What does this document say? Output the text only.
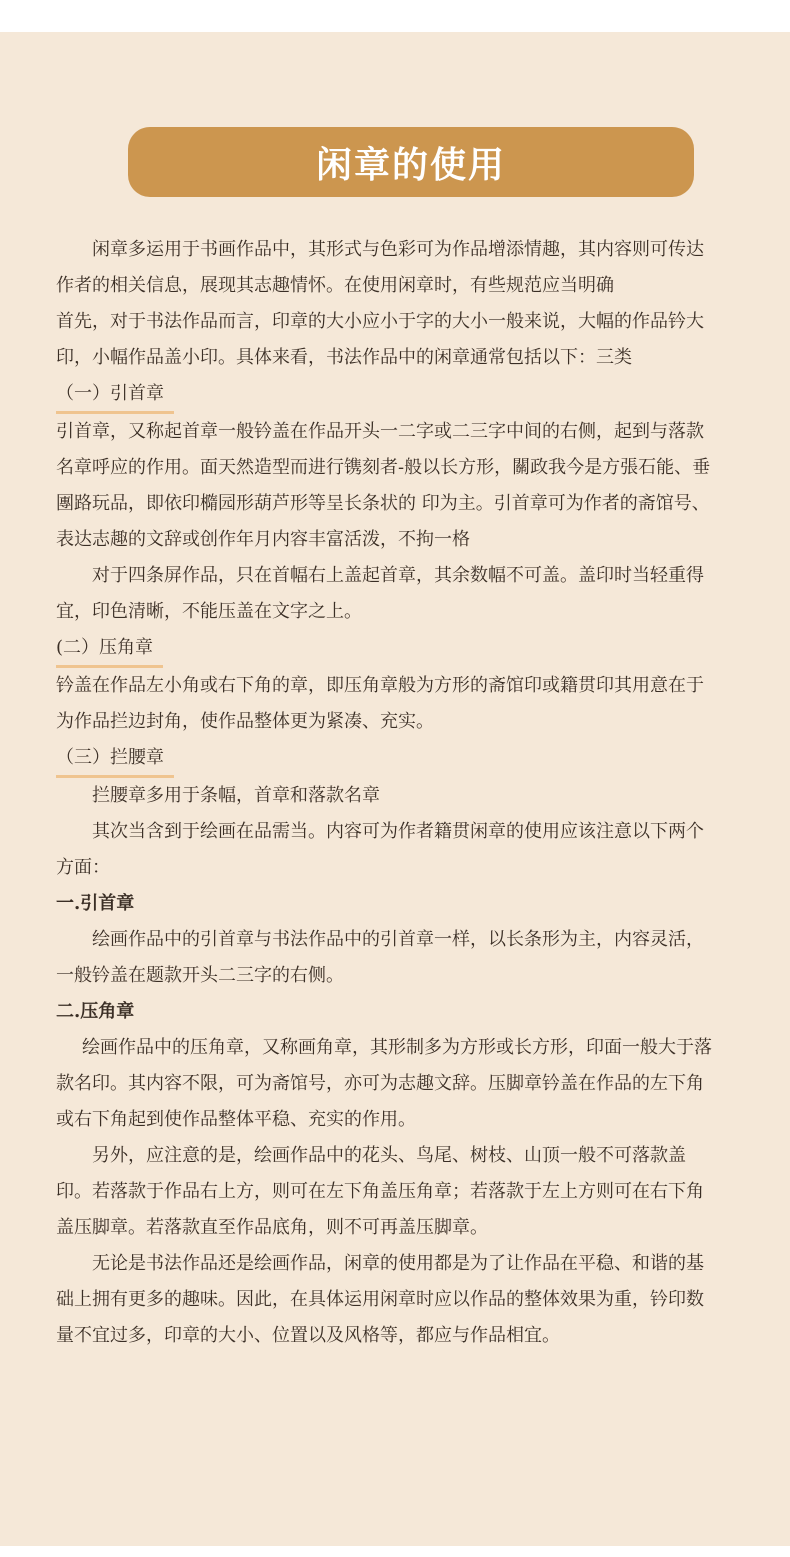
闲章的使用

闲章多运用于书画作品中，其形式与色彩可为作品增添情趣，其内容则可传达作者的相关信息，展现其志趣情怀。在使用闲章时，有些规范应当明确

首先，对于书法作品而言，印章的大小应小于字的大小一般来说，大幅的作品钤大印，小幅作品盖小印。具体来看，书法作品中的闲章通常包括以下：三类

（一）引首章

引首章，又称起首章一般钤盖在作品开头一二字或二三字中间的右侧，起到与落款名章呼应的作用。面天然造型而进行镌刻者-般以长方形，關政我今是方張石能、垂團路玩品，即依印橢园形葫芦形等呈长条状的 印为主。引首章可为作者的斋馆号、表达志趣的文辞或创作年月内容丰富活泼，不拘一格

对于四条屏作品，只在首幅右上盖起首章，其余数幅不可盖。盖印时当轻重得宜，印色清晰，不能压盖在文字之上。

(二）压角章

钤盖在作品左小角或右下角的章，即压角章般为方形的斋馆印或籍贯印其用意在于为作品拦边封角，使作品整体更为紧凑、充实。

（三）拦腰章

拦腰章多用于条幅，首章和落款名章

其次当含到于绘画在品需当。内容可为作者籍贯闲章的使用应该注意以下两个方面：

一.引首章

绘画作品中的引首章与书法作品中的引首章一样，以长条形为主，内容灵活，一般钤盖在题款开头二三字的右侧。

二.压角章

绘画作品中的压角章，又称画角章，其形制多为方形或长方形，印面一般大于落款名印。其内容不限，可为斋馆号，亦可为志趣文辞。压脚章钤盖在作品的左下角或右下角起到使作品整体平稳、充实的作用。

另外，应注意的是，绘画作品中的花头、鸟尾、树枝、山顶一般不可落款盖印。若落款于作品右上方，则可在左下角盖压角章；若落款于左上方则可在右下角盖压脚章。若落款直至作品底角，则不可再盖压脚章。

无论是书法作品还是绘画作品，闲章的使用都是为了让作品在平稳、和谐的基础上拥有更多的趣味。因此，在具体运用闲章时应以作品的整体效果为重，钤印数量不宜过多，印章的大小、位置以及风格等，都应与作品相宜。
